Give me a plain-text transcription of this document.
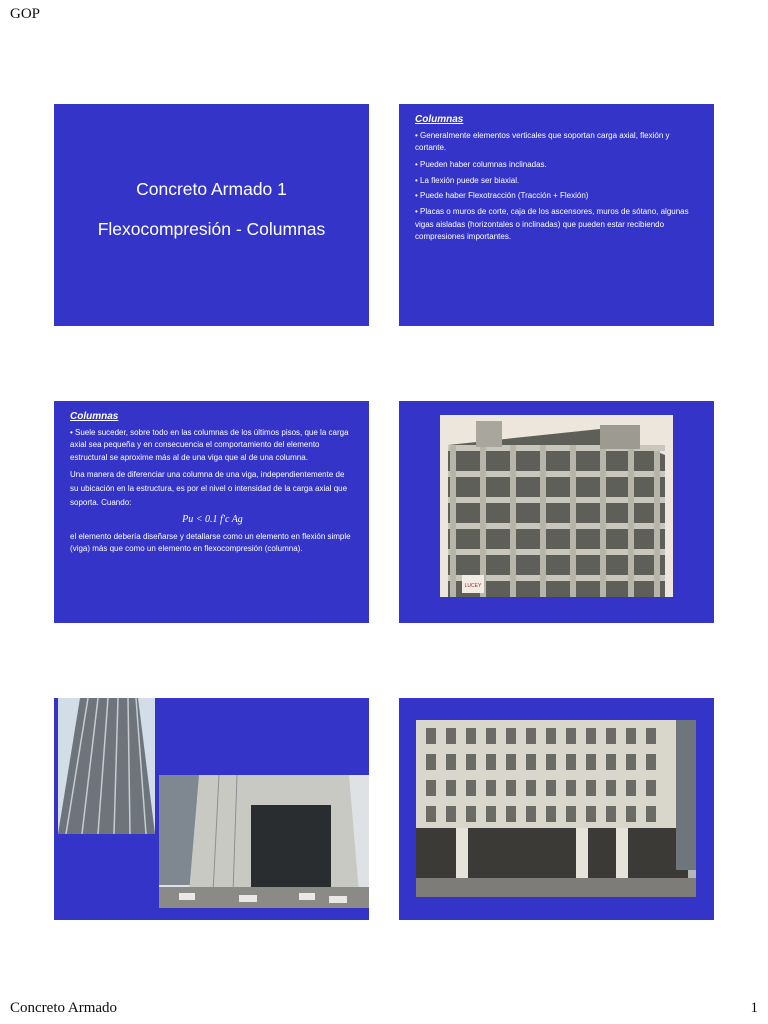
GOP
Concreto Armado 1
Flexocompresión - Columnas
Columnas

• Generalmente elementos verticales que soportan carga axial, flexión y cortante.

• Pueden haber columnas inclinadas.

• La flexión puede ser biaxial.

• Puede haber Flexotracción (Tracción + Flexión)

• Placas o muros de corte, caja de los ascensores, muros de sótano, algunas vigas aisladas (horizontales o inclinadas) que pueden estar recibiendo compresiones importantes.

Columnas

• Suele suceder, sobre todo en las columnas de los últimos pisos, que la carga axial sea pequeña y en consecuencia el comportamiento del elemento estructural se aproxime más al de una viga que al de una columna.

Una manera de diferenciar una columna de una viga, independientemente de su ubicación en la estructura, es por el nivel o intensidad de la carga axial que soporta. Cuando:

Pu < 0.1 f'c Ag

el elemento debería diseñarse y detallarse como un elemento en flexión simple (viga) más que como un elemento en flexocompresión (columna).

LUCEY
Concreto Armado	1
